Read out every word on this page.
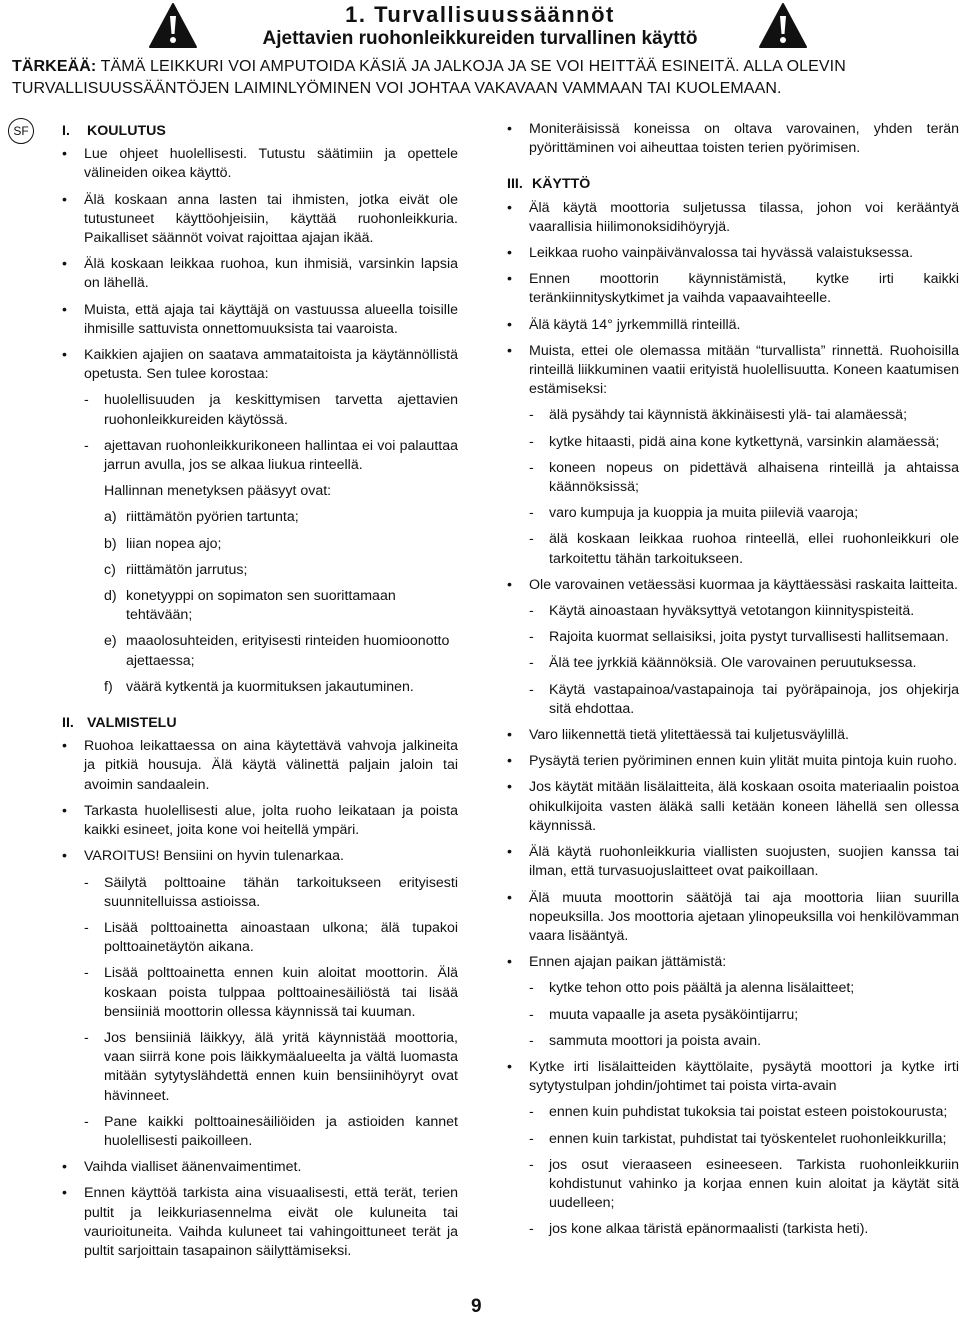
1. Turvallisuussäännöt
Ajettavien ruohonleikkureiden turvallinen käyttö
TÄRKEÄÄ: TÄMÄ LEIKKURI VOI AMPUTOIDA KÄSIÄ JA JALKOJA JA SE VOI HEITTÄÄ ESINEITÄ. ALLA OLEVIN TURVALLISUUSSÄÄNTÖJEN LAIMINLYÖMINEN VOI JOHTAA VAKAVAAN VAMMAAN TAI KUOLEMAAN.
SF	I. KOULUTUS
• Lue ohjeet huolellisesti. Tutustu säätimiin ja opettele välineiden oikea käyttö.
• Älä koskaan anna lasten tai ihmisten, jotka eivät ole tutustuneet käyttöohjeisiin, käyttää ruohonleikkuria. Paikalliset säännöt voivat rajoittaa ajajan ikää.
• Älä koskaan leikkaa ruohoa, kun ihmisiä, varsinkin lapsia on lähellä.
• Muista, että ajaja tai käyttäjä on vastuussa alueella toisille ihmisille sattuvista onnettomuuksista tai vaaroista.
• Kaikkien ajajien on saatava ammataitoista ja käytännöllistä opetusta. Sen tulee korostaa:
- huolellisuuden ja keskittymisen tarvetta ajettavien ruohonleikkureiden käytössä.
- ajettavan ruohonleikkurikoneen hallintaa ei voi palauttaa jarrun avulla, jos se alkaa liukua rinteellä.
Hallinnan menetyksen pääsyyt ovat:
a) riittämätön pyörien tartunta;
b) liian nopea ajo;
c) riittämätön jarrutus;
d) konetyyppi on sopimaton sen suorittamaan tehtävään;
e) maaolosuhteiden, erityisesti rinteiden huomioonotto ajettaessa;
f) väärä kytkentä ja kuormituksen jakautuminen.
II. VALMISTELU
• Ruohoa leikattaessa on aina käytettävä vahvoja jalkineita ja pitkiä housuja. Älä käytä välinettä paljain jaloin tai avoimin sandaalein.
• Tarkasta huolellisesti alue, jolta ruoho leikataan ja poista kaikki esineet, joita kone voi heitellä ympäri.
• VAROITUS! Bensiini on hyvin tulenarkaa.
- Säilytä polttoaine tähän tarkoitukseen erityisesti suunnitelluissa astioissa.
- Lisää polttoainetta ainoastaan ulkona; älä tupakoi polttoainetäytön aikana.
- Lisää polttoainetta ennen kuin aloitat moottorin. Älä koskaan poista tulppaa polttoainesäiliöstä tai lisää bensiiniä moottorin ollessa käynnissä tai kuuman.
- Jos bensiiniä läikkyy, älä yritä käynnistää moottoria, vaan siirrä kone pois läikkymäalueelta ja vältä luomasta mitään sytytyslähdettä ennen kuin bensiinihöyryt ovat hävinneet.
- Pane kaikki polttoainesäiliöiden ja astioiden kannet huolellisesti paikoilleen.
• Vaihda vialliset äänenvaimentimet.
• Ennen käyttöä tarkista aina visuaalisesti, että terät, terien pultit ja leikkuriasennelma eivät ole kuluneita tai vaurioituneita. Vaihda kuluneet tai vahingoittuneet terät ja pultit sarjoittain tasapainon säilyttämiseksi.
• Moniteräisissä koneissa on oltava varovainen, yhden terän pyörittäminen voi aiheuttaa toisten terien pyörimisen.
III. KÄYTTÖ
• Älä käytä moottoria suljetussa tilassa, johon voi kerääntyä vaarallisia hiilimonoksidihöyryjä.
• Leikkaa ruoho vainpäivänvalossa tai hyvässä valaistuksessa.
• Ennen moottorin käynnistämistä, kytke irti kaikki teränkiinnityskytkimet ja vaihda vapaavaihteelle.
• Älä käytä 14° jyrkemmillä rinteillä.
• Muista, ettei ole olemassa mitään “turvallista” rinnettä. Ruohoisilla rinteillä liikkuminen vaatii erityistä huolellisuutta. Koneen kaatumisen estämiseksi:
- älä pysähdy tai käynnistä äkkinäisesti ylä- tai alamäessä;
- kytke hitaasti, pidä aina kone kytkettynä, varsinkin alamäessä;
- koneen nopeus on pidettävä alhaisena rinteillä ja ahtaissa käännöksissä;
- varo kumpuja ja kuoppia ja muita piileviä vaaroja;
- älä koskaan leikkaa ruohoa rinteellä, ellei ruohonleikkuri ole tarkoitettu tähän tarkoitukseen.
• Ole varovainen vetäessäsi kuormaa ja käyttäessäsi raskaita laitteita.
- Käytä ainoastaan hyväksyttyä vetotangon kiinnityspisteitä.
- Rajoita kuormat sellaisiksi, joita pystyt turvallisesti hallitsemaan.
- Älä tee jyrkkiä käännöksiä. Ole varovainen peruutuksessa.
- Käytä vastapainoa/vastapainoja tai pyöräpainoja, jos ohjekirja sitä ehdottaa.
• Varo liikennettä tietä ylitettäessä tai kuljetusväylillä.
• Pysäytä terien pyöriminen ennen kuin ylität muita pintoja kuin ruoho.
• Jos käytät mitään lisälaitteita, älä koskaan osoita materiaalin poistoa ohikulkijoita vasten äläkä salli ketään koneen lähellä sen ollessa käynnissä.
• Älä käytä ruohonleikkuria viallisten suojusten, suojien kanssa tai ilman, että turvasuojuslaitteet ovat paikoillaan.
• Älä muuta moottorin säätöjä tai aja moottoria liian suurilla nopeuksilla. Jos moottoria ajetaan ylinopeuksilla voi henkilövamman vaara lisääntyä.
• Ennen ajajan paikan jättämistä:
- kytke tehon otto pois päältä ja alenna lisälaitteet;
- muuta vapaalle ja aseta pysäköintijarru;
- sammuta moottori ja poista avain.
• Kytke irti lisälaitteiden käyttölaite, pysäytä moottori ja kytke irti sytytystulpan johdin/johtimet tai poista virta-avain
- ennen kuin puhdistat tukoksia tai poistat esteen poistokourusta;
- ennen kuin tarkistat, puhdistat tai työskentelet ruohonleikkurilla;
- jos osut vieraaseen esineeseen. Tarkista ruohonleikkuriin kohdistunut vahinko ja korjaa ennen kuin aloitat ja käytät sitä uudelleen;
- jos kone alkaa täristä epänormaalisti (tarkista heti).
9
